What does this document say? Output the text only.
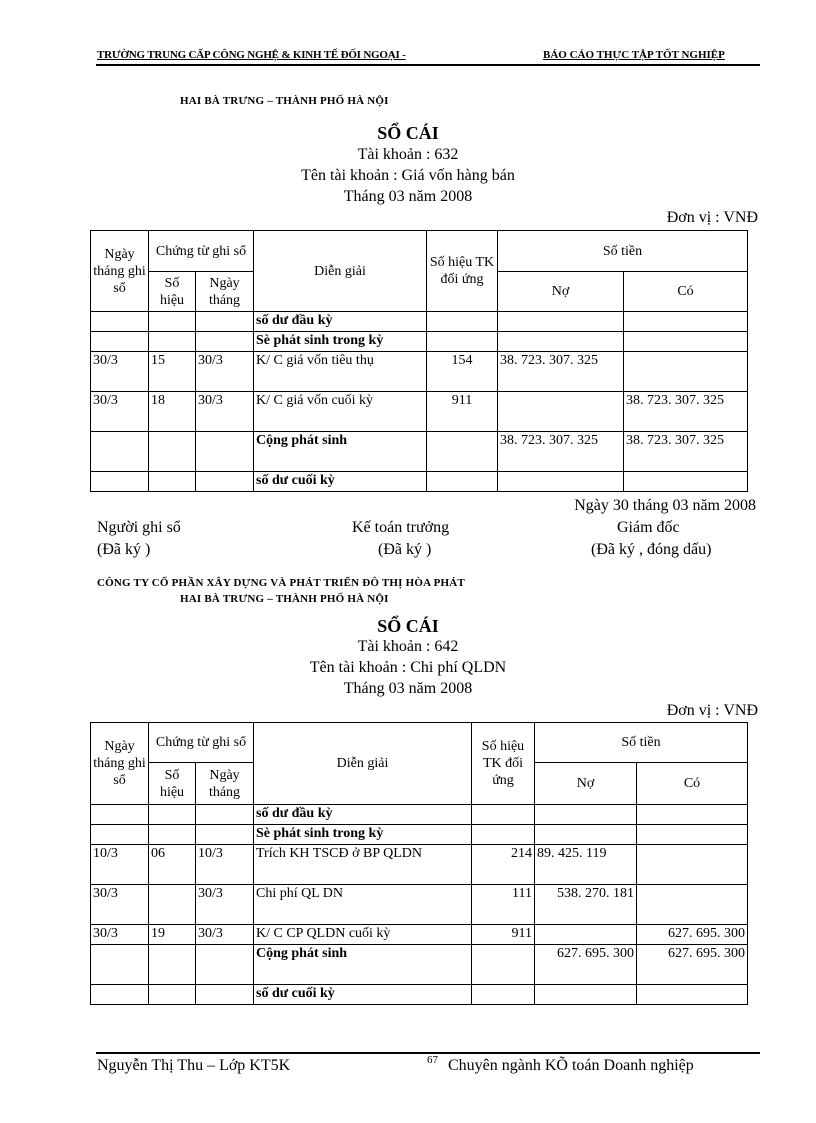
TRƯỜNG TRUNG CẤP CÔNG NGHỆ & KINH TẾ ĐỐI NGOẠI -	BÁO CÁO THỰC TẬP TỐT NGHIỆP
HAI BÀ TRƯNG – THÀNH PHỐ HÀ NỘI
SỔ CÁI
Tài khoản : 632
Tên tài khoản : Giá vốn hàng bán
Tháng 03 năm 2008
Đơn vị : VNĐ
Ngày tháng ghi sổ	Chứng từ ghi sổ		Diễn giải	Số hiệu TK đối ứng	Số tiền	
	Số hiệu	Ngày tháng			Nợ	Có
			số dư đầu kỳ			
			Sè phát sinh trong kỳ			
30/3	15	30/3	K/ C giá vốn tiêu thụ	154	38. 723. 307. 325	
30/3	18	30/3	K/ C giá vốn cuối kỳ	911		38. 723. 307. 325
			Cộng phát sinh		38. 723. 307. 325	38. 723. 307. 325
			số dư cuối kỳ			
Ngày 30 tháng 03 năm 2008
Người ghi sổ
(Đã ký )
Kế toán trưởng
(Đã ký )
Giám đốc
(Đã ký , đóng dấu)
CÔNG TY CỔ PHẦN XÂY DỰNG VÀ PHÁT TRIỂN ĐÔ THỊ HÒA PHÁT
HAI BÀ TRƯNG – THÀNH PHỐ HÀ NỘI
SỔ CÁI
Tài khoản : 642
Tên tài khoản : Chi phí QLDN
Tháng 03 năm 2008
Đơn vị : VNĐ
Ngày tháng ghi sổ	Chứng từ ghi sổ		Diễn giải	Số hiệu TK đối ứng	Số tiền	
	Số hiệu	Ngày tháng			Nợ	Có
			số dư đầu kỳ			
			Sè phát sinh trong kỳ			
10/3	06	10/3	Trích KH TSCĐ ở BP QLDN	214	89. 425. 119	
30/3		30/3	Chi phí QL DN	111	538. 270. 181	
30/3	19	30/3	K/ C CP QLDN cuối kỳ	911		627. 695. 300
			Cộng phát sinh		627. 695. 300	627. 695. 300
			số dư cuối kỳ			
Nguyễn Thị Thu – Lớp KT5K	67 Chuyên ngành KÕ toán Doanh nghiệp
